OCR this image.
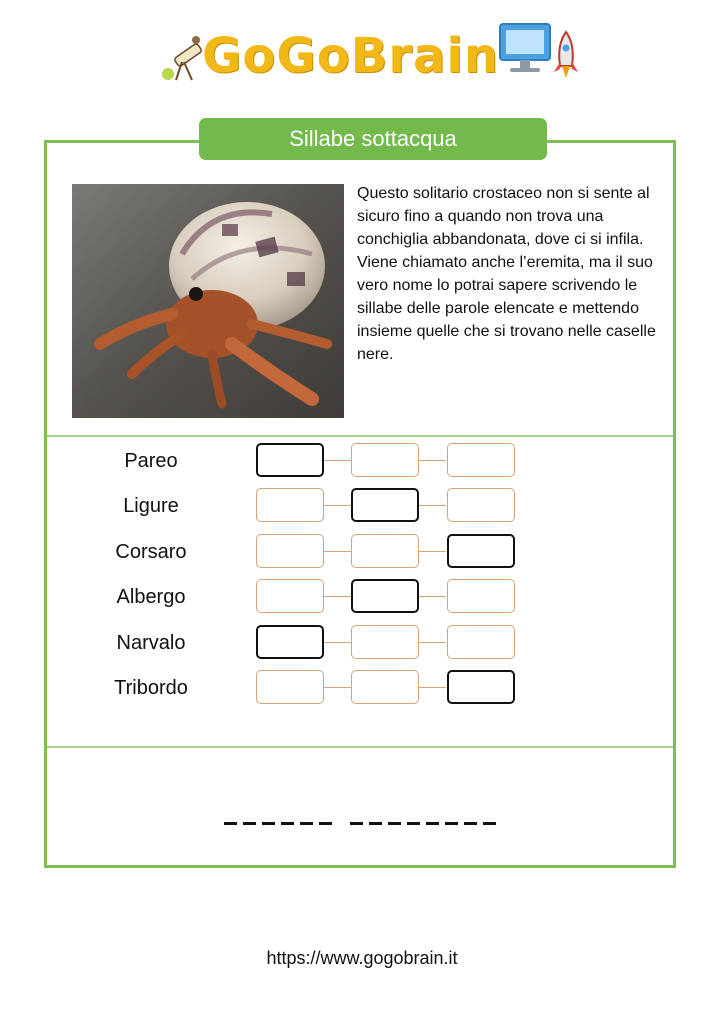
GoGoBrain
Sillabe sottacqua
Questo solitario crostaceo non si sente al sicuro fino a quando non trova una conchiglia abbandonata, dove ci si infila. Viene chiamato anche l’eremita, ma il suo vero nome lo potrai sapere scrivendo le sillabe delle parole elencate e mettendo insieme quelle che si trovano nelle caselle nere.
Pareo
Ligure
Corsaro
Albergo
Narvalo
Tribordo
https://www.gogobrain.it
